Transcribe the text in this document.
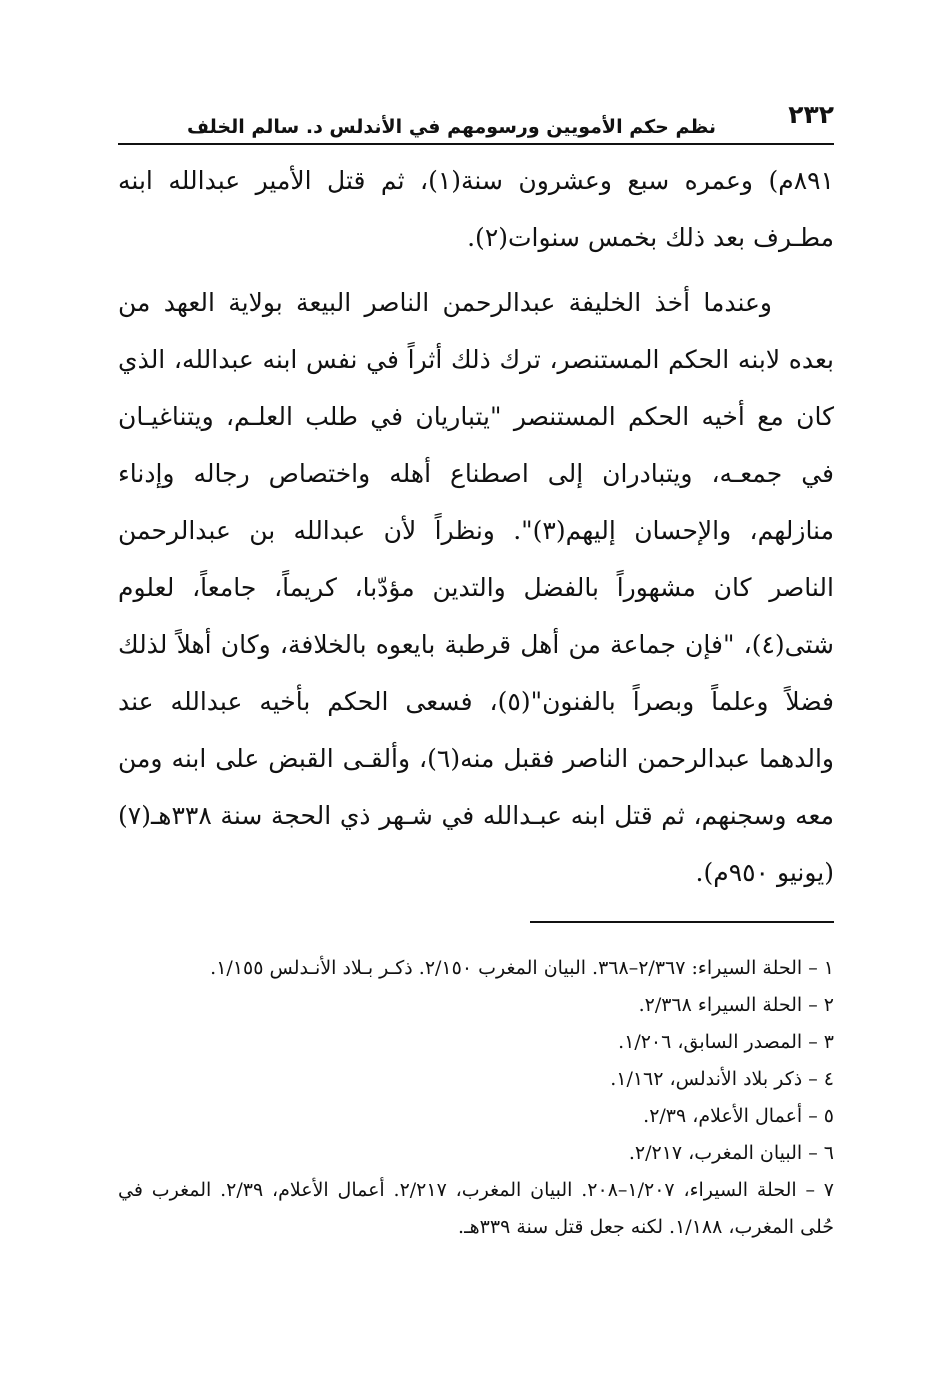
٢٣٢
نظم حكم الأمويين ورسومهم في الأندلس د. سالم الخلف

٨٩١م) وعمره سبع وعشرون سنة(١)، ثم قتل الأمير عبدالله ابنه مطـرف بعد ذلك بخمس سنوات(٢).

وعندما أخذ الخليفة عبدالرحمن الناصر البيعة بولاية العهد من بعده لابنه الحكم المستنصر، ترك ذلك أثراً في نفس ابنه عبدالله، الذي كان مع أخيه الحكم المستنصر "يتباريان في طلب العلـم، ويتناغيـان في جمعـه، ويتبادران إلى اصطناع أهله واختصاص رجاله وإدناء منازلهم، والإحسان إليهم(٣)". ونظراً لأن عبدالله بن عبدالرحمن الناصر كان مشهوراً بالفضل والتدين مؤدّبا، كريماً، جامعاً، لعلوم شتى(٤)، "فإن جماعة من أهل قرطبة بايعوه بالخلافة، وكان أهلاً لذلك فضلاً وعلماً وبصراً بالفنون"(٥)، فسعى الحكم بأخيه عبدالله عند والدهما عبدالرحمن الناصر فقبل منه(٦)، وألقـى القبض على ابنه ومن معه وسجنهم، ثم قتل ابنه عبـدالله في شـهر ذي الحجة سنة ٣٣٨هـ(٧) (يونيو ٩٥٠م).

١ – الحلة السيراء: ٢/٣٦٧–٣٦٨. البيان المغرب ٢/١٥٠. ذكـر بـلاد الأنـدلس ١/١٥٥.
٢ – الحلة السيراء ٢/٣٦٨.
٣ – المصدر السابق، ١/٢٠٦.
٤ – ذكر بلاد الأندلس، ١/١٦٢.
٥ – أعمال الأعلام، ٢/٣٩.
٦ – البيان المغرب، ٢/٢١٧.
٧ – الحلة السيراء، ١/٢٠٧–٢٠٨. البيان المغرب، ٢/٢١٧. أعمال الأعلام، ٢/٣٩. المغرب في حُلى المغرب، ١/١٨٨. لكنه جعل قتل سنة ٣٣٩هـ.
